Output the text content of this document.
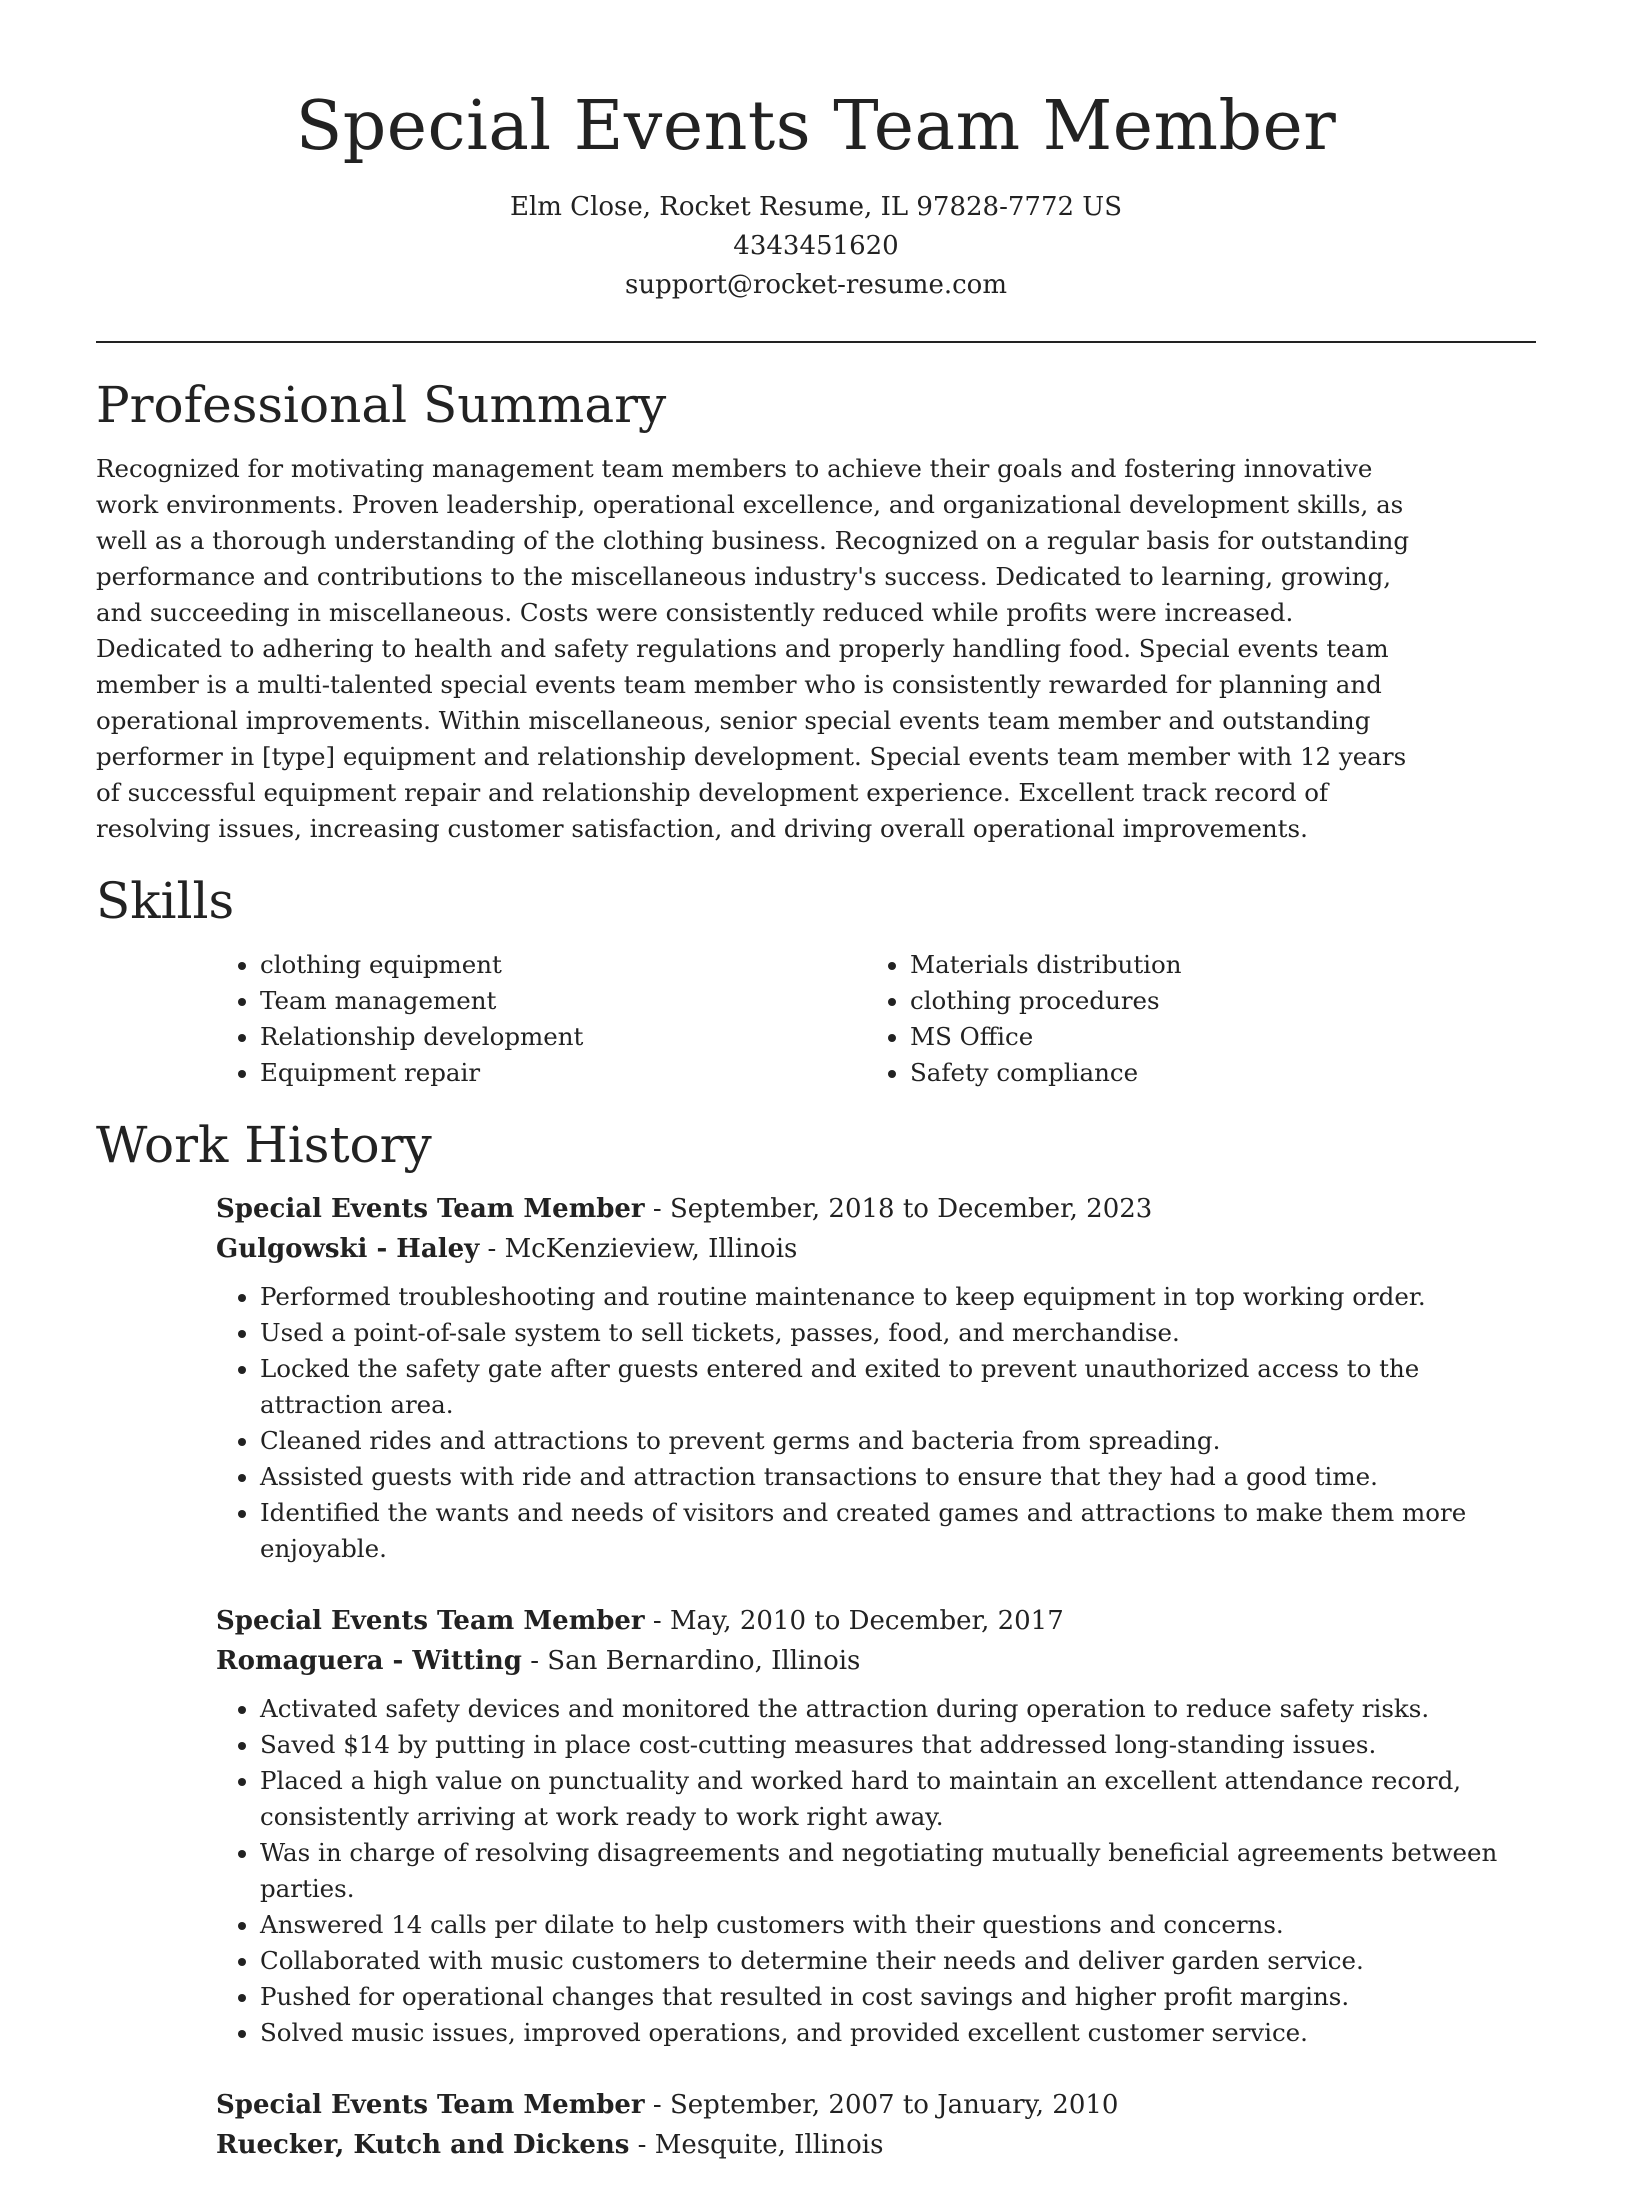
Special Events Team Member

Elm Close, Rocket Resume, IL 97828-7772 US

4343451620

support@rocket-resume.com

Professional Summary

Recognized for motivating management team members to achieve their goals and fostering innovative work environments. Proven leadership, operational excellence, and organizational development skills, as well as a thorough understanding of the clothing business. Recognized on a regular basis for outstanding performance and contributions to the miscellaneous industry's success. Dedicated to learning, growing, and succeeding in miscellaneous. Costs were consistently reduced while profits were increased. Dedicated to adhering to health and safety regulations and properly handling food. Special events team member is a multi-talented special events team member who is consistently rewarded for planning and operational improvements. Within miscellaneous, senior special events team member and outstanding performer in [type] equipment and relationship development. Special events team member with 12 years of successful equipment repair and relationship development experience. Excellent track record of resolving issues, increasing customer satisfaction, and driving overall operational improvements.

Skills
• clothing equipment
• Team management
• Relationship development
• Equipment repair
• Materials distribution
• clothing procedures
• MS Office
• Safety compliance
Work History

Special Events Team Member - September, 2018 to December, 2023

Gulgowski - Haley - McKenzieview, Illinois

• Performed troubleshooting and routine maintenance to keep equipment in top working order.
• Used a point-of-sale system to sell tickets, passes, food, and merchandise.
• Locked the safety gate after guests entered and exited to prevent unauthorized access to the attraction area.
• Cleaned rides and attractions to prevent germs and bacteria from spreading.
• Assisted guests with ride and attraction transactions to ensure that they had a good time.
• Identified the wants and needs of visitors and created games and attractions to make them more enjoyable.

Special Events Team Member - May, 2010 to December, 2017

Romaguera - Witting - San Bernardino, Illinois

• Activated safety devices and monitored the attraction during operation to reduce safety risks.
• Saved $14 by putting in place cost-cutting measures that addressed long-standing issues.
• Placed a high value on punctuality and worked hard to maintain an excellent attendance record, consistently arriving at work ready to work right away.
• Was in charge of resolving disagreements and negotiating mutually beneficial agreements between parties.
• Answered 14 calls per dilate to help customers with their questions and concerns.
• Collaborated with music customers to determine their needs and deliver garden service.
• Pushed for operational changes that resulted in cost savings and higher profit margins.
• Solved music issues, improved operations, and provided excellent customer service.

Special Events Team Member - September, 2007 to January, 2010

Ruecker, Kutch and Dickens - Mesquite, Illinois
